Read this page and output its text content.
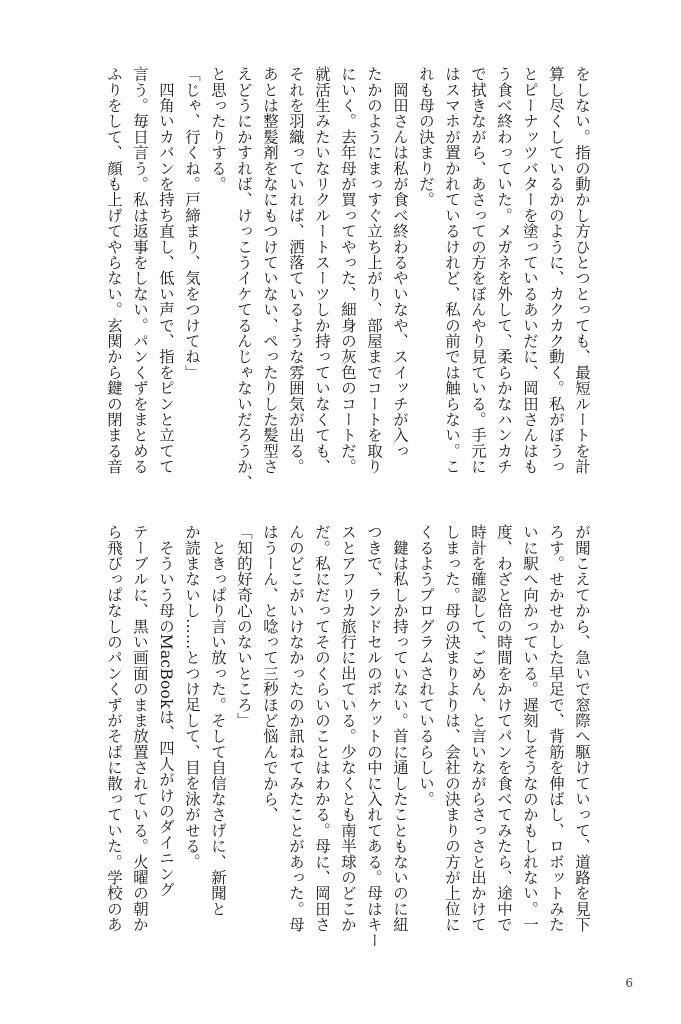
をしない。指の動かし方ひとつとっても、最短ルートを計
算し尽くしているかのように、カクカク動く。私がぼうっ
とピーナッツバターを塗っているあいだに、岡田さんはも
う食べ終わっていた。メガネを外して、柔らかなハンカチ
で拭きながら、あさっての方をぼんやり見ている。手元に
はスマホが置かれているけれど、私の前では触らない。こ
れも母の決まりだ。
　岡田さんは私が食べ終わるやいなや、スイッチが入っ
たかのようにまっすぐ立ち上がり、部屋までコートを取り
にいく。去年母が買ってやった、細身の灰色のコートだ。
就活生みたいなリクルートスーツしか持っていなくても、
それを羽織っていれば、洒落ているような雰囲気が出る。
あとは整髪剤をなにもつけていない、ぺったりした髪型さ
えどうにかすれば、けっこうイケてるんじゃないだろうか、
と思ったりする。
「じゃ、行くね。戸締まり、気をつけてね」
　四角いカバンを持ち直し、低い声で、指をピンと立てて
言う。毎日言う。私は返事をしない。パンくずをまとめる
ふりをして、顔も上げてやらない。玄関から鍵の閉まる音
が聞こえてから、急いで窓際へ駆けていって、道路を見下
ろす。せかせかした早足で、背筋を伸ばし、ロボットみた
いに駅へ向かっている。遅刻しそうなのかもしれない。一
度、わざと倍の時間をかけてパンを食べてみたら、途中で
時計を確認して、ごめん、と言いながらさっさと出かけて
しまった。母の決まりよりは、会社の決まりの方が上位に
くるようプログラムされているらしい。
　鍵は私しか持っていない。首に通したこともないのに紐
つきで、ランドセルのポケットの中に入れてある。母はキー
スとアフリカ旅行に出ている。少なくとも南半球のどこか
だ。私にだってそのくらいのことはわかる。母に、岡田さ
んのどこがいけなかったのか訊ねてみたことがあった。母
はうーん、と唸って三秒ほど悩んでから、
「知的好奇心のないところ」
　ときっぱり言い放った。そして自信なさげに、新聞と
か読まないし……とつけ足して、目を泳がせる。
　そういう母のMacBookは、四人がけのダイニング
テーブルに、黒い画面のまま放置されている。火曜の朝か
ら飛びっぱなしのパンくずがそばに散っていた。学校のあ
6
